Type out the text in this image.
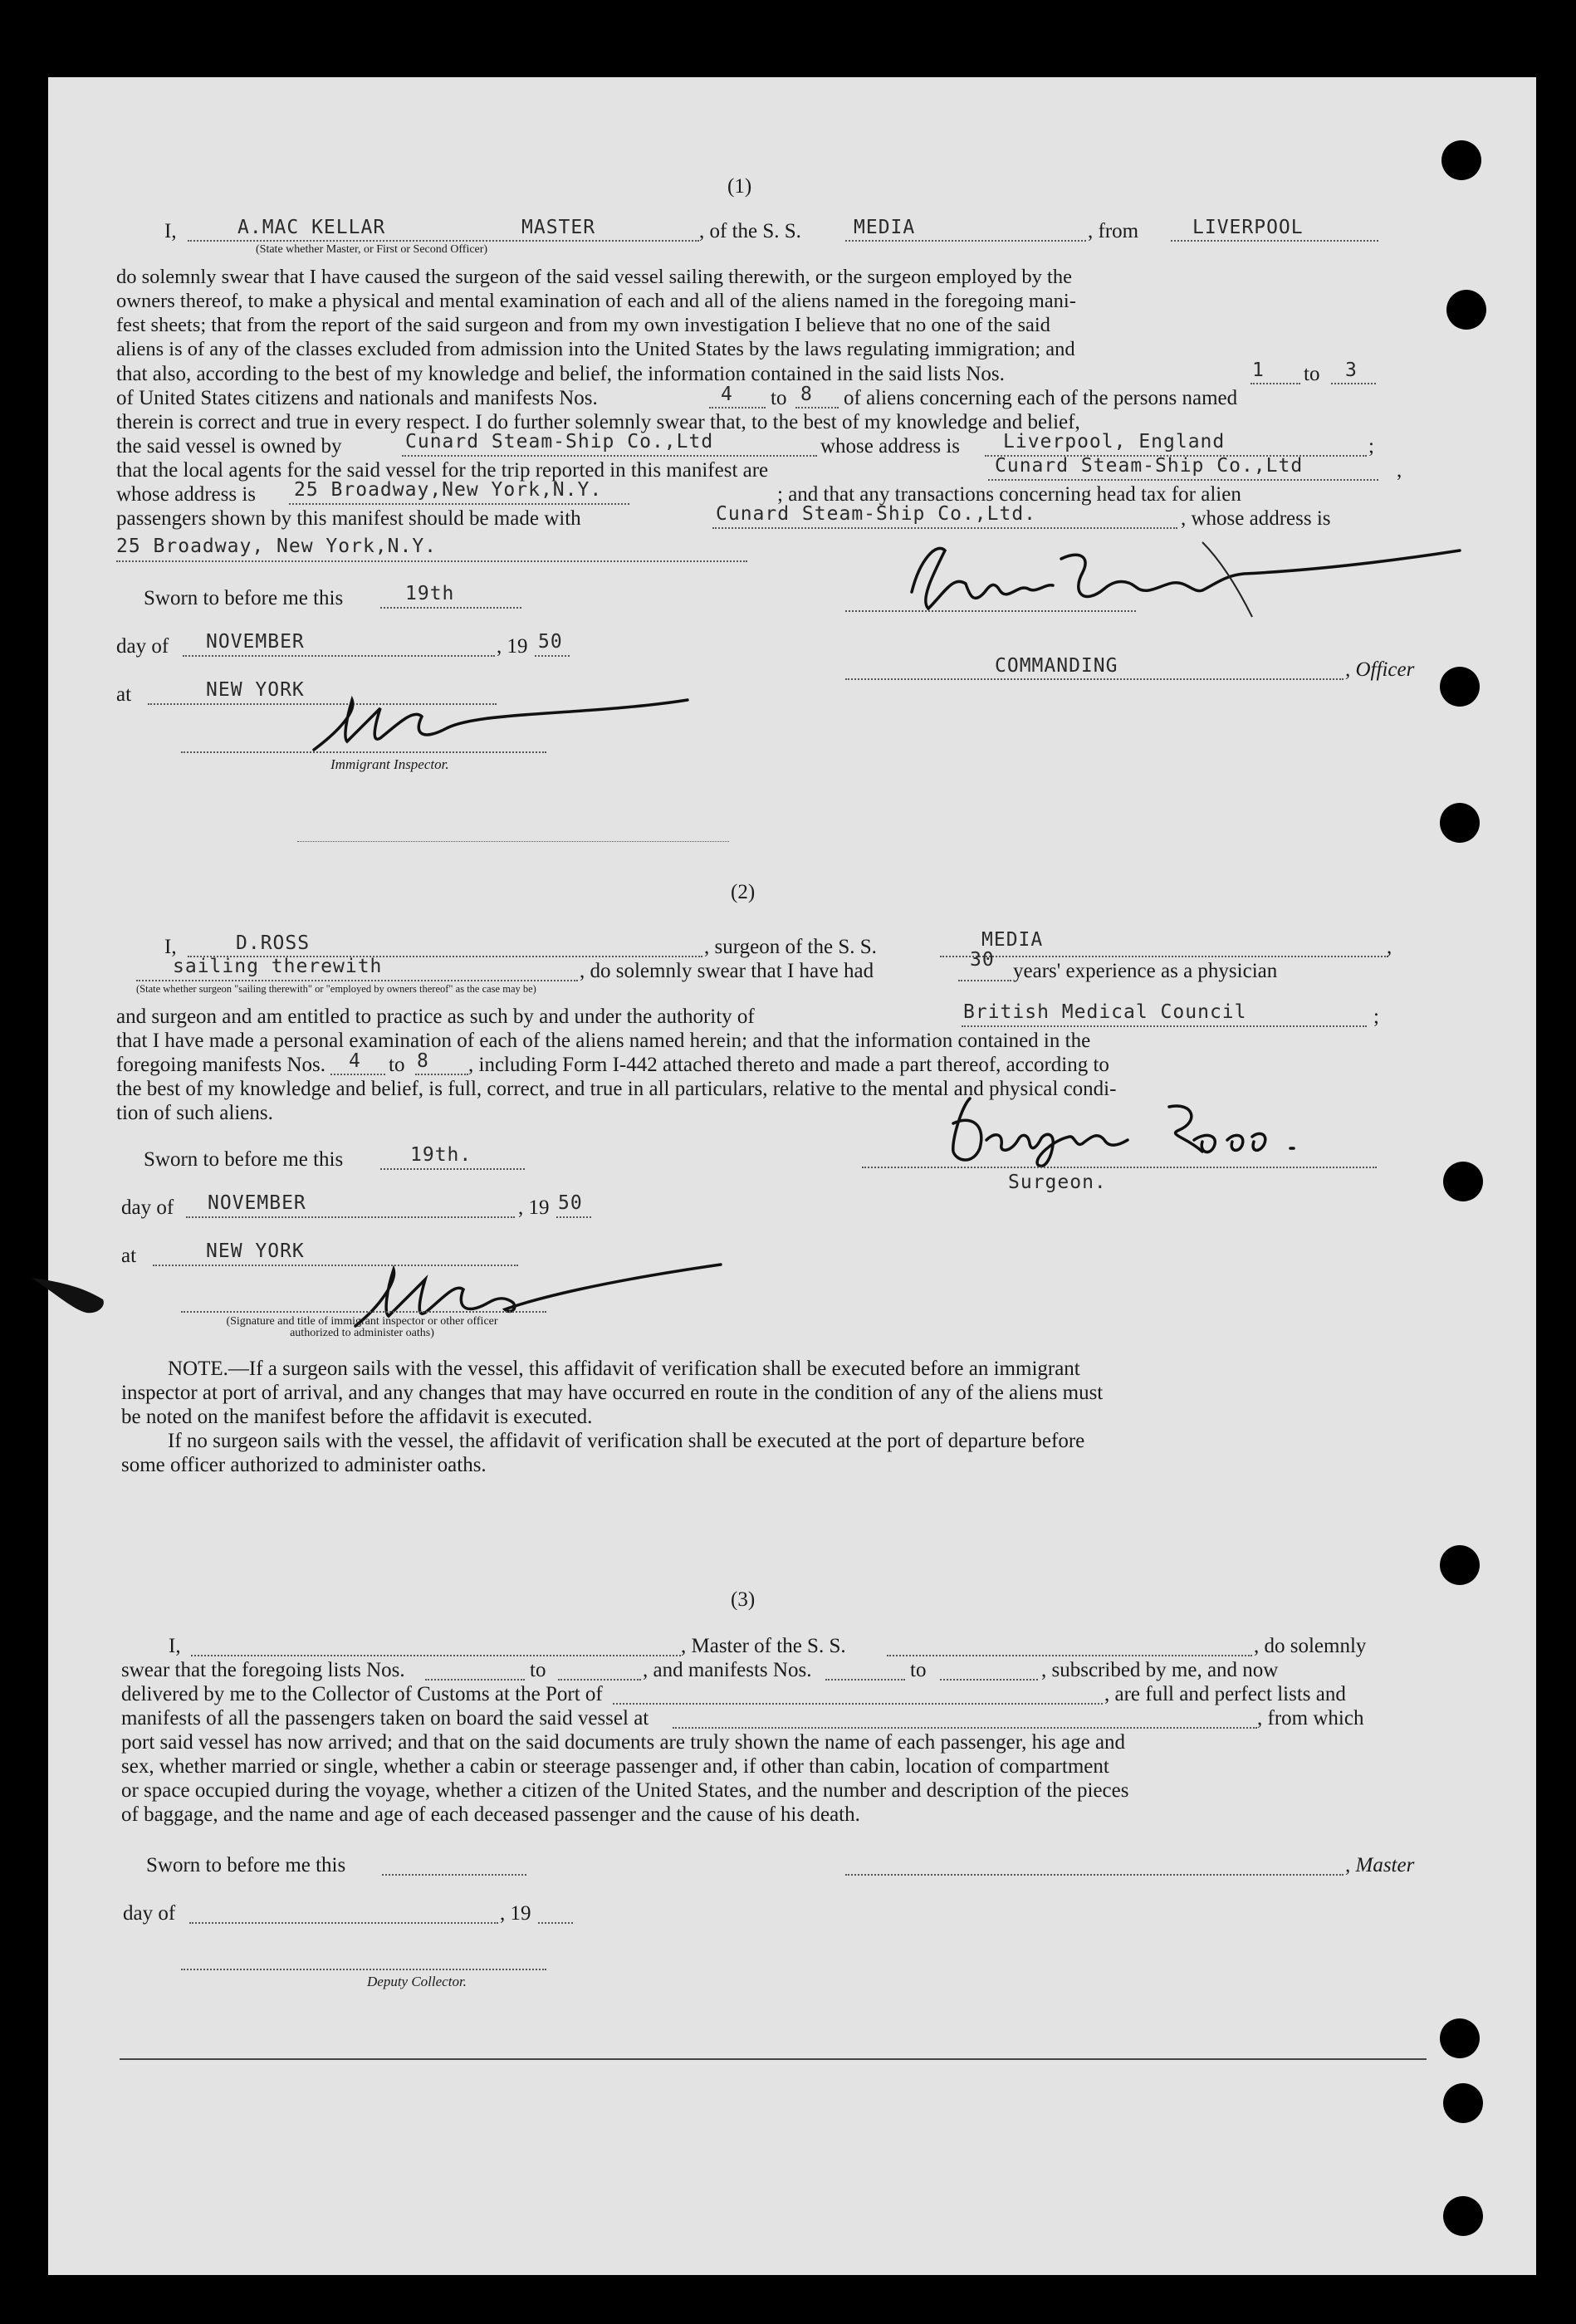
(1)
I,	A.MAC KELLAR	MASTER	, of the S. S.	MEDIA	, from	LIVERPOOL
(State whether Master, or First or Second Officer)
do solemnly swear that I have caused the surgeon of the said vessel sailing therewith, or the surgeon employed by the
owners thereof, to make a physical and mental examination of each and all of the aliens named in the foregoing mani-
fest sheets; that from the report of the said surgeon and from my own investigation I believe that no one of the said
aliens is of any of the classes excluded from admission into the United States by the laws regulating immigration; and
that also, according to the best of my knowledge and belief, the information contained in the said lists Nos.	1 to 3
of United States citizens and nationals and manifests Nos.	4 to 8 of aliens concerning each of the persons named
therein is correct and true in every respect. I do further solemnly swear that, to the best of my knowledge and belief,
the said vessel is owned by	Cunard Steam-Ship Co.,Ltd	whose address is Liverpool, England	;
that the local agents for the said vessel for the trip reported in this manifest are	Cunard Steam-Ship Co.,Ltd	,
whose address is 25 Broadway,New York,N.Y.	; and that any transactions concerning head tax for alien
passengers shown by this manifest should be made with	Cunard Steam-Ship Co.,Ltd.	, whose address is
25 Broadway, New York,N.Y.
Sworn to before me this	19th
day of NOVEMBER	, 19 50
COMMANDING	, Officer
at	NEW YORK
Immigrant Inspector.
(2)
I,	D.ROSS	, surgeon of the S. S.	MEDIA	,
sailing therewith	, do solemnly swear that I have had	30 years' experience as a physician
(State whether surgeon "sailing therewith" or "employed by owners thereof" as the case may be)
and surgeon and am entitled to practice as such by and under the authority of	British Medical Council	;
that I have made a personal examination of each of the aliens named herein; and that the information contained in the
foregoing manifests Nos. 4 to 8 , including Form I-442 attached thereto and made a part thereof, according to
the best of my knowledge and belief, is full, correct, and true in all particulars, relative to the mental and physical condi-
tion of such aliens.
Surgeon.
Sworn to before me this	19th.
day of NOVEMBER	, 19 50
at	NEW YORK
(Signature and title of immigrant inspector or other officer authorized to administer oaths)
NOTE.—If a surgeon sails with the vessel, this affidavit of verification shall be executed before an immigrant
inspector at port of arrival, and any changes that may have occurred en route in the condition of any of the aliens must
be noted on the manifest before the affidavit is executed.
If no surgeon sails with the vessel, the affidavit of verification shall be executed at the port of departure before
some officer authorized to administer oaths.
(3)
I,	, Master of the S. S.	, do solemnly
swear that the foregoing lists Nos.	to	, and manifests Nos.	to	, subscribed by me, and now
delivered by me to the Collector of Customs at the Port of	, are full and perfect lists and
manifests of all the passengers taken on board the said vessel at	, from which
port said vessel has now arrived; and that on the said documents are truly shown the name of each passenger, his age and
sex, whether married or single, whether a cabin or steerage passenger and, if other than cabin, location of compartment
or space occupied during the voyage, whether a citizen of the United States, and the number and description of the pieces
of baggage, and the name and age of each deceased passenger and the cause of his death.
Sworn to before me this	, Master
day of	, 19
Deputy Collector.
